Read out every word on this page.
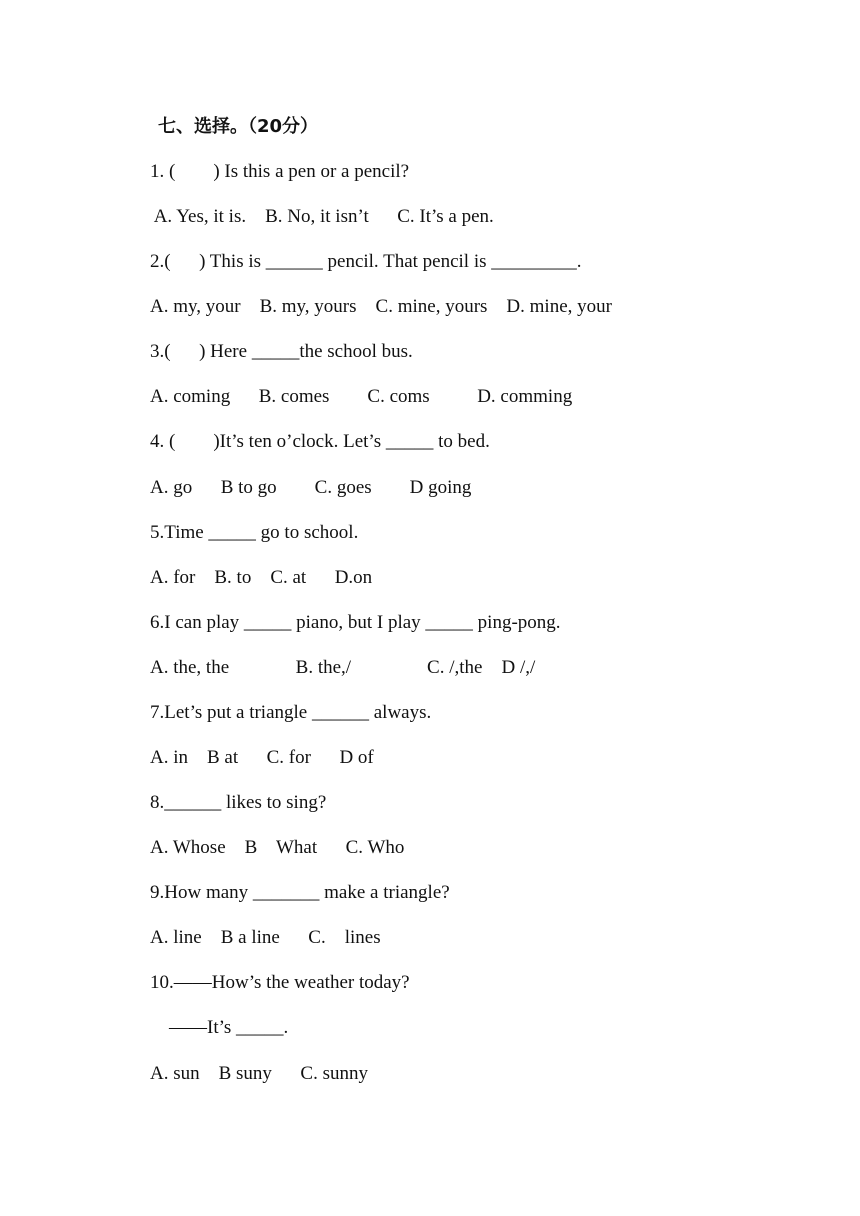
七、选择。（20分）
1. (        ) Is this a pen or a pencil?
A. Yes, it is.    B. No, it isn’t      C. It’s a pen.
2.(      ) This is ______ pencil. That pencil is _________.
A. my, your    B. my, yours    C. mine, yours    D. mine, your
3.(      ) Here _____the school bus.
A. coming      B. comes        C. coms          D. comming
4. (        )It’s ten o’clock. Let’s _____ to bed.
A. go      B to go        C. goes        D going
5.Time _____ go to school.
A. for    B. to    C. at      D.on
6.I can play _____ piano, but I play _____ ping-pong.
A. the, the              B. the,/                C. /,the    D /,/
7.Let’s put a triangle ______ always.
A. in    B at      C. for      D of
8.______ likes to sing?
A. Whose    B    What      C. Who
9.How many _______ make a triangle?
A. line    B a line      C.    lines
10.——How’s the weather today?
——It’s _____.
A. sun    B suny      C. sunny
